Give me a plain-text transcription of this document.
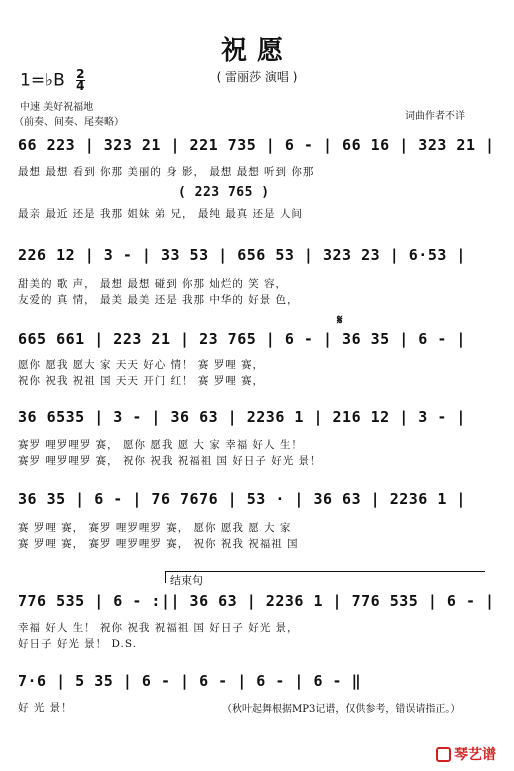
祝愿
( 雷丽莎 演唱 )
1=♭B $\frac{2}{4}$
中速 美好祝福地
（前奏、间奏、尾奏略）
词曲作者不详
66 223 | 323 21 | 221 735 | 6 - | 66 16 | 323 21 |
最想 最想 看到 你那 美丽的 身 影， 最想 最想 听到 你那
( 223 765 )
最亲 最近 还是 我那 姐妹 弟 兄， 最纯 最真 还是 人间
226 12 | 3 - | 33 53 | 656 53 | 323 23 | 6·53 |
甜美的 歌 声， 最想 最想 碰到 你那 灿烂的 笑 容，
友爱的 真 情， 最美 最美 还是 我那 中华的 好景 色，
𝄋
665 661 | 223 21 | 23 765 | 6 - | 36 35 | 6 - |
愿你 愿我 愿大 家 天天 好心 情！ 赛 罗哩 赛，
祝你 祝我 祝祖 国 天天 开门 红！ 赛 罗哩 赛，
36 6535 | 3 - | 36 63 | 2236 1 | 216 12 | 3 - |
赛罗 哩罗哩罗 赛， 愿你 愿我 愿 大 家 幸福 好人 生！
赛罗 哩罗哩罗 赛， 祝你 祝我 祝福祖 国 好日子 好光 景！
36 35 | 6 - | 76 7676 | 53 · | 36 63 | 2236 1 |
赛 罗哩 赛， 赛罗 哩罗哩罗 赛， 愿你 愿我 愿 大 家
赛 罗哩 赛， 赛罗 哩罗哩罗 赛， 祝你 祝我 祝福祖 国
结束句
776 535 | 6 - :|| 36 63 | 2236 1 | 776 535 | 6 - |
幸福 好人 生！ 祝你 祝我 祝福祖 国 好日子 好光 景，
好日子 好光 景！ D.S.
7·6 | 5 35 | 6 - | 6 - | 6 - | 6 - ‖
好 光 景！	（秋叶起舞根据MP3记谱，仅供参考，错误请指正。）
琴艺谱
